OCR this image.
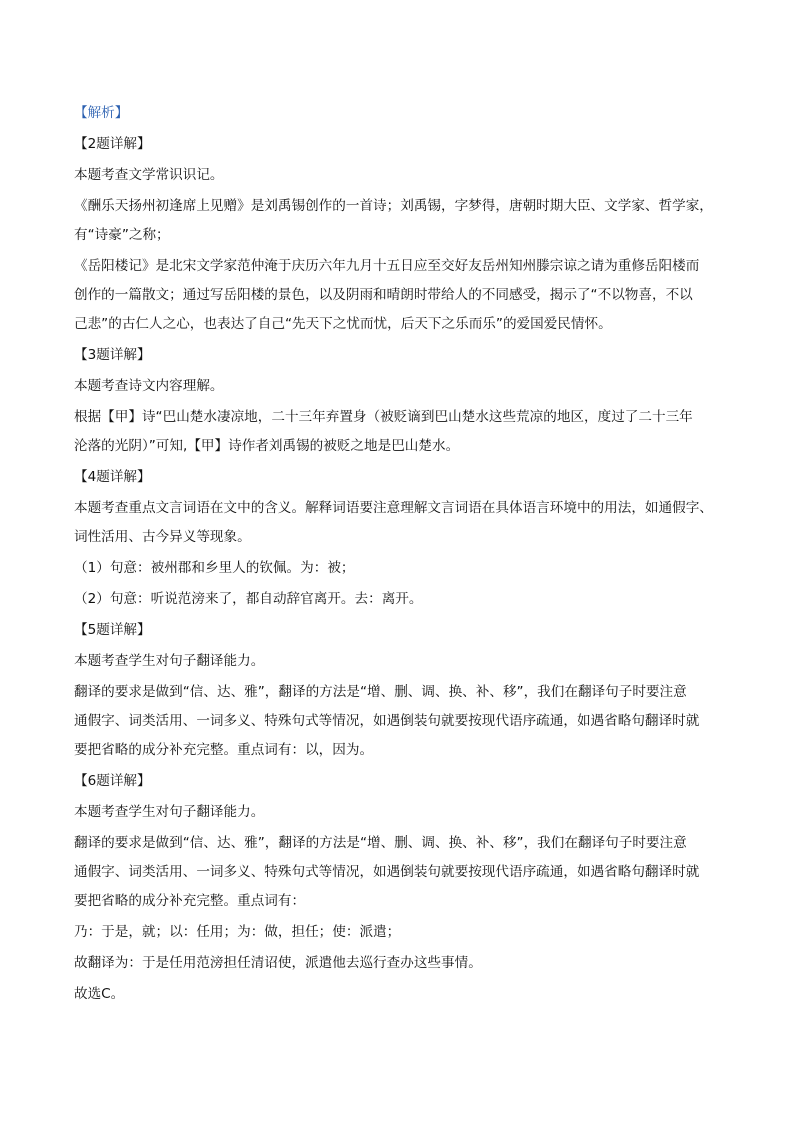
【解析】

【2题详解】

本题考查文学常识识记。

《酬乐天扬州初逢席上见赠》是刘禹锡创作的一首诗；刘禹锡，字梦得，唐朝时期大臣、文学家、哲学家，

有“诗豪”之称；

《岳阳楼记》是北宋文学家范仲淹于庆历六年九月十五日应至交好友岳州知州滕宗谅之请为重修岳阳楼而

创作的一篇散文；通过写岳阳楼的景色，以及阴雨和晴朗时带给人的不同感受，揭示了“不以物喜，不以

己悲”的古仁人之心，也表达了自己“先天下之忧而忧，后天下之乐而乐”的爱国爱民情怀。

【3题详解】

本题考查诗文内容理解。

根据【甲】诗“巴山楚水凄凉地，二十三年弃置身（被贬谪到巴山楚水这些荒凉的地区，度过了二十三年

沦落的光阴）”可知,【甲】诗作者刘禹锡的被贬之地是巴山楚水。

【4题详解】

本题考查重点文言词语在文中的含义。解释词语要注意理解文言词语在具体语言环境中的用法，如通假字、

词性活用、古今异义等现象。

（1）句意：被州郡和乡里人的钦佩。为：被；

（2）句意：听说范滂来了，都自动辞官离开。去：离开。

【5题详解】

本题考查学生对句子翻译能力。

翻译的要求是做到“信、达、雅”，翻译的方法是“增、删、调、换、补、移”，我们在翻译句子时要注意

通假字、词类活用、一词多义、特殊句式等情况，如遇倒装句就要按现代语序疏通，如遇省略句翻译时就

要把省略的成分补充完整。重点词有：以，因为。

【6题详解】

本题考查学生对句子翻译能力。

翻译的要求是做到“信、达、雅”，翻译的方法是“增、删、调、换、补、移”，我们在翻译句子时要注意

通假字、词类活用、一词多义、特殊句式等情况，如遇倒装句就要按现代语序疏通，如遇省略句翻译时就

要把省略的成分补充完整。重点词有：

乃：于是，就；以：任用；为：做，担任；使：派遣；

故翻译为：于是任用范滂担任清诏使，派遣他去巡行查办这些事情。

故选C。
